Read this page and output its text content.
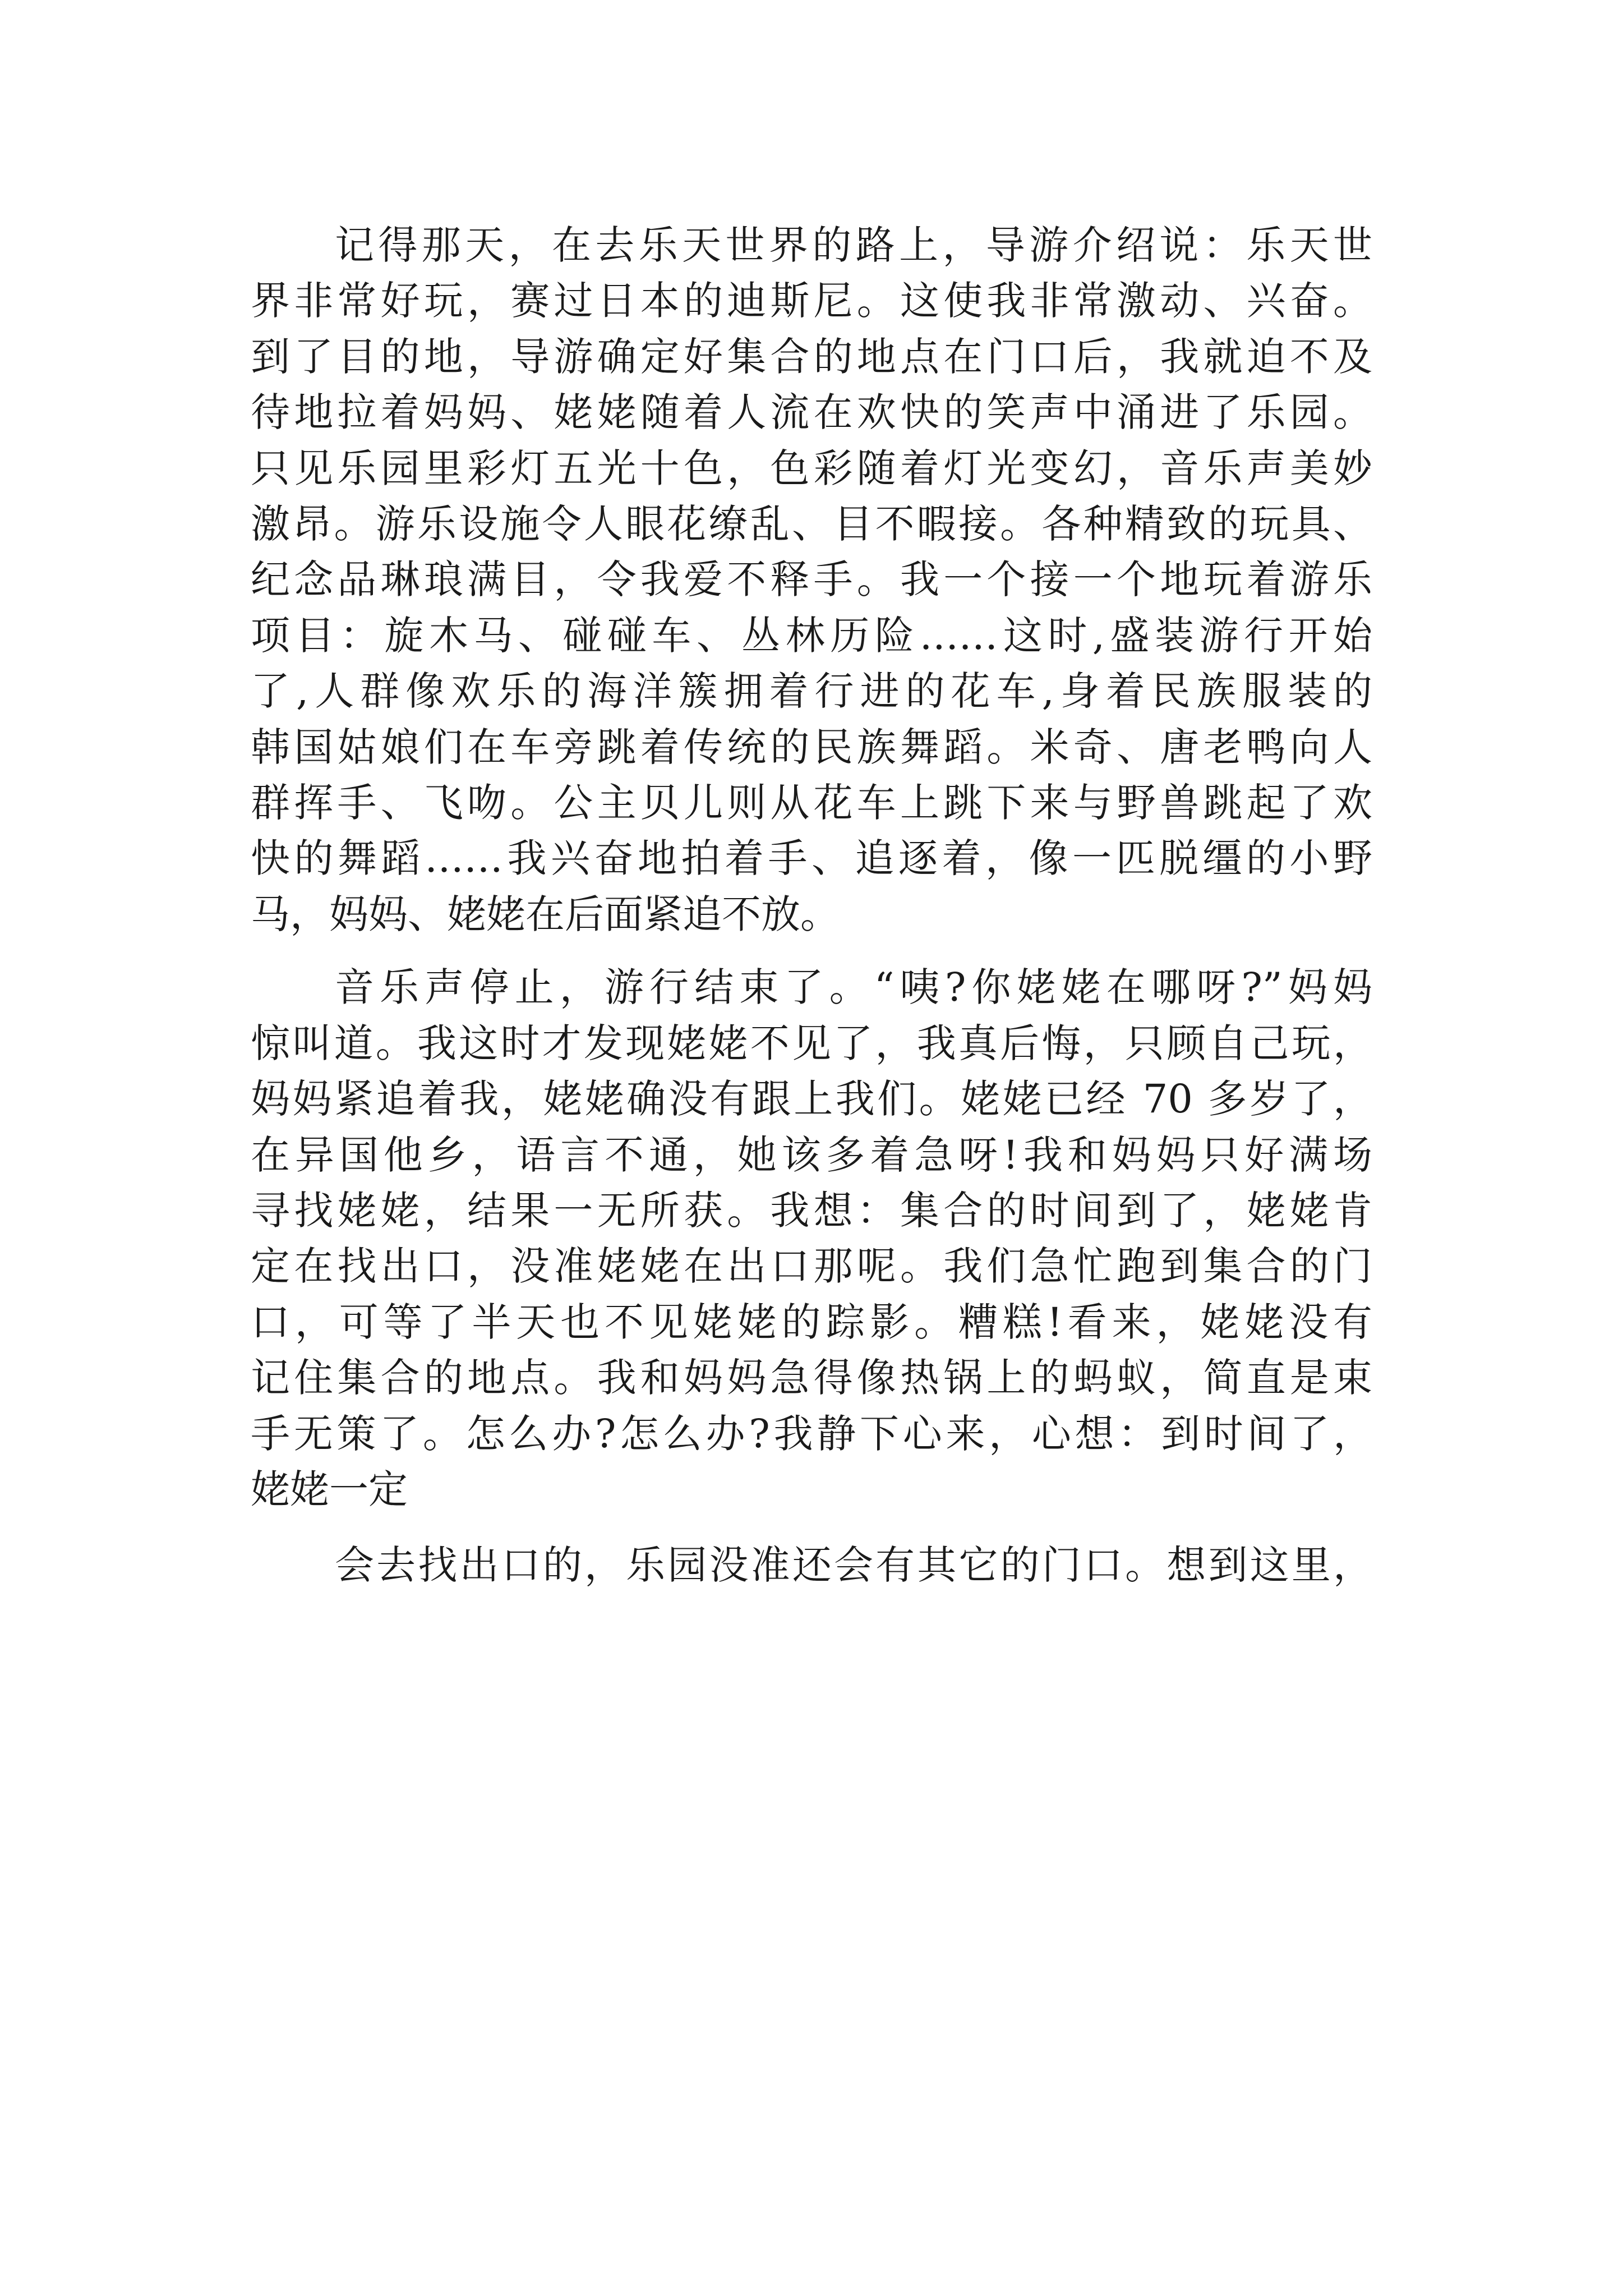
记得那天，在去乐天世界的路上，导游介绍说：乐天世
界非常好玩，赛过日本的迪斯尼。这使我非常激动、兴奋。
到了目的地，导游确定好集合的地点在门口后，我就迫不及
待地拉着妈妈、姥姥随着人流在欢快的笑声中涌进了乐园。
只见乐园里彩灯五光十色，色彩随着灯光变幻，音乐声美妙
激昂。游乐设施令人眼花缭乱、目不暇接。各种精致的玩具、
纪念品琳琅满目，令我爱不释手。我一个接一个地玩着游乐
项目：旋木马、碰碰车、丛林历险……这时,盛装游行开始
了,人群像欢乐的海洋簇拥着行进的花车,身着民族服装的
韩国姑娘们在车旁跳着传统的民族舞蹈。米奇、唐老鸭向人
群挥手、飞吻。公主贝儿则从花车上跳下来与野兽跳起了欢
快的舞蹈……我兴奋地拍着手、追逐着，像一匹脱缰的小野
马，妈妈、姥姥在后面紧追不放。
音乐声停止，游行结束了。“咦?你姥姥在哪呀?”妈妈
惊叫道。我这时才发现姥姥不见了，我真后悔，只顾自己玩，
妈妈紧追着我，姥姥确没有跟上我们。姥姥已经 70 多岁了，
在异国他乡，语言不通，她该多着急呀!我和妈妈只好满场
寻找姥姥，结果一无所获。我想：集合的时间到了，姥姥肯
定在找出口，没准姥姥在出口那呢。我们急忙跑到集合的门
口，可等了半天也不见姥姥的踪影。糟糕!看来，姥姥没有
记住集合的地点。我和妈妈急得像热锅上的蚂蚁，简直是束
手无策了。怎么办?怎么办?我静下心来，心想：到时间了，
姥姥一定
会去找出口的，乐园没准还会有其它的门口。想到这里，
